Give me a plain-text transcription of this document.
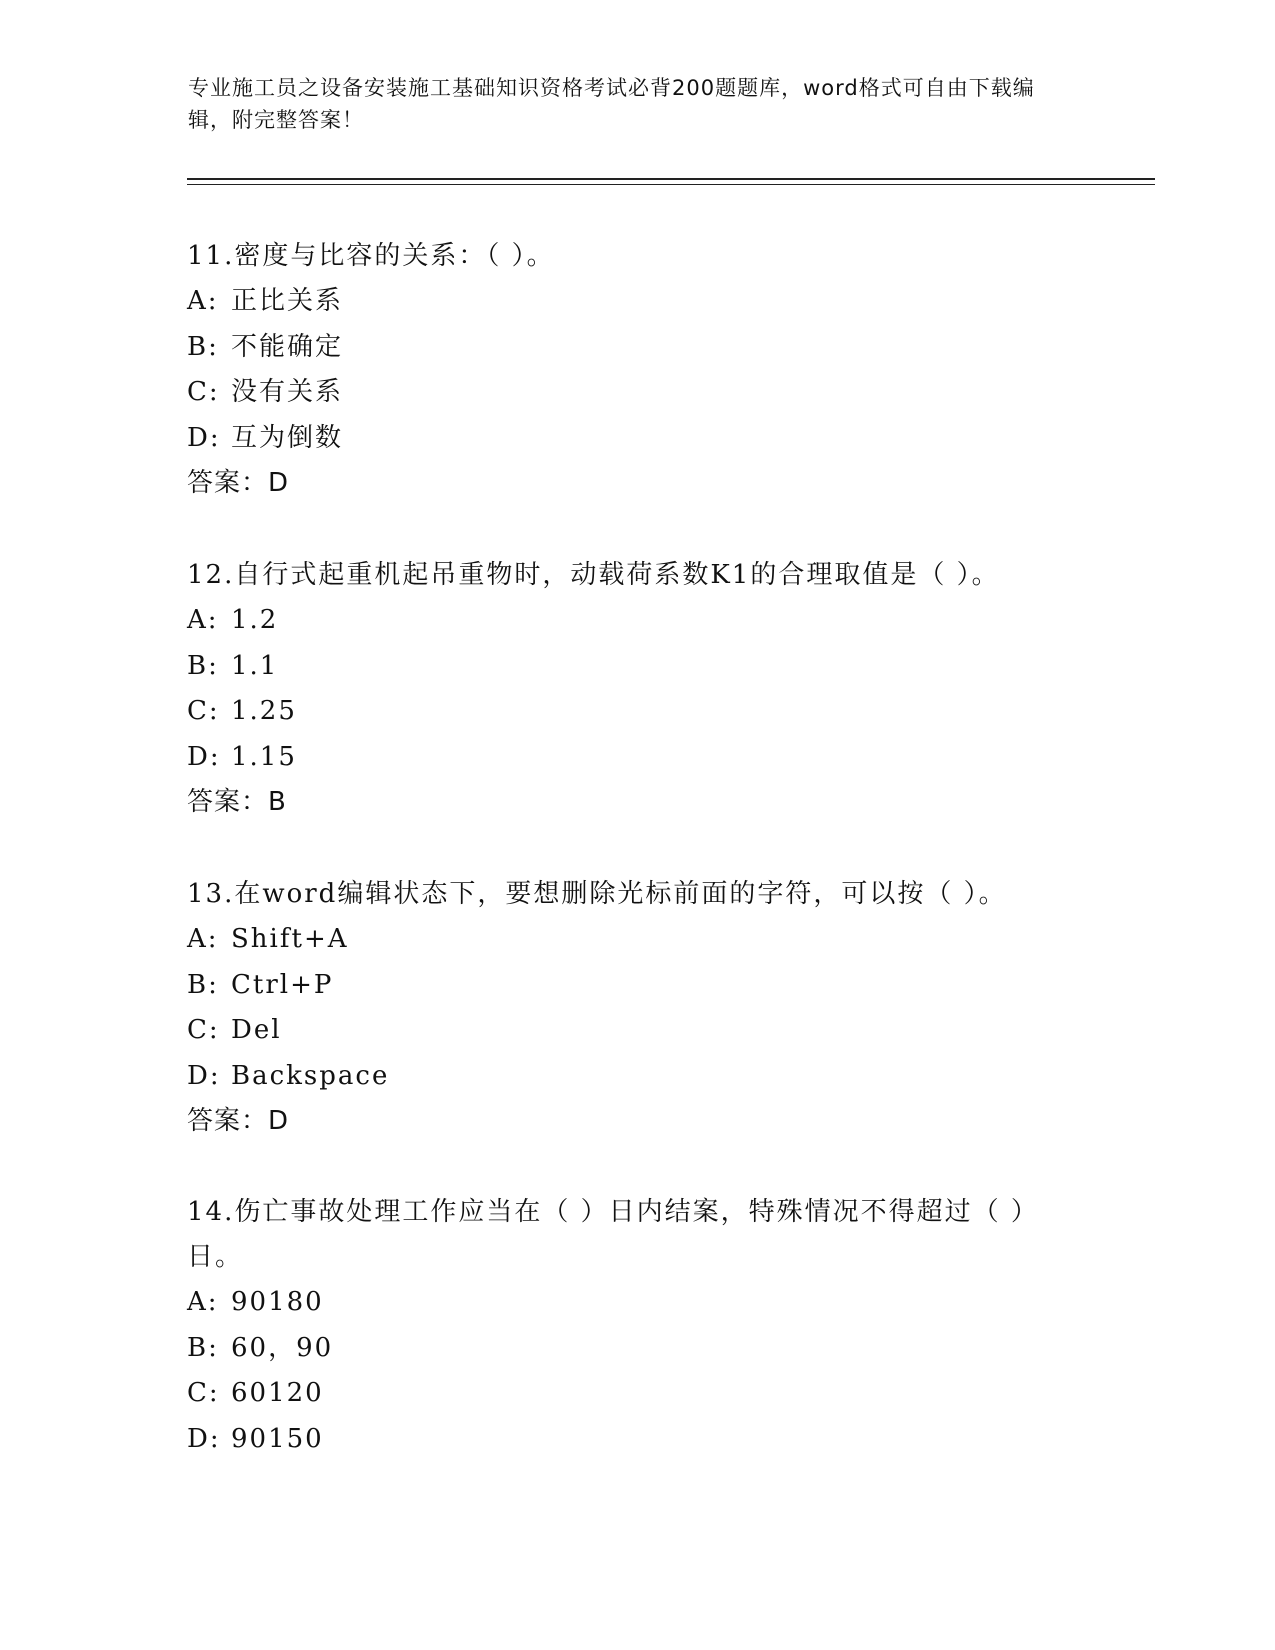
专业施工员之设备安装施工基础知识资格考试必背200题题库，word格式可自由下载编辑，附完整答案！

11.密度与比容的关系：（ ）。

A: 正比关系

B: 不能确定

C: 没有关系

D: 互为倒数

答案：D

12.自行式起重机起吊重物时，动载荷系数K1的合理取值是（ ）。

A: 1.2

B: 1.1

C: 1.25

D: 1.15

答案：B

13.在word编辑状态下，要想删除光标前面的字符，可以按（ ）。

A: Shift+A

B: Ctrl+P

C: Del

D: Backspace

答案：D

14.伤亡事故处理工作应当在（ ）日内结案，特殊情况不得超过（ ）日。

A: 90180

B: 60，90

C: 60120

D: 90150
